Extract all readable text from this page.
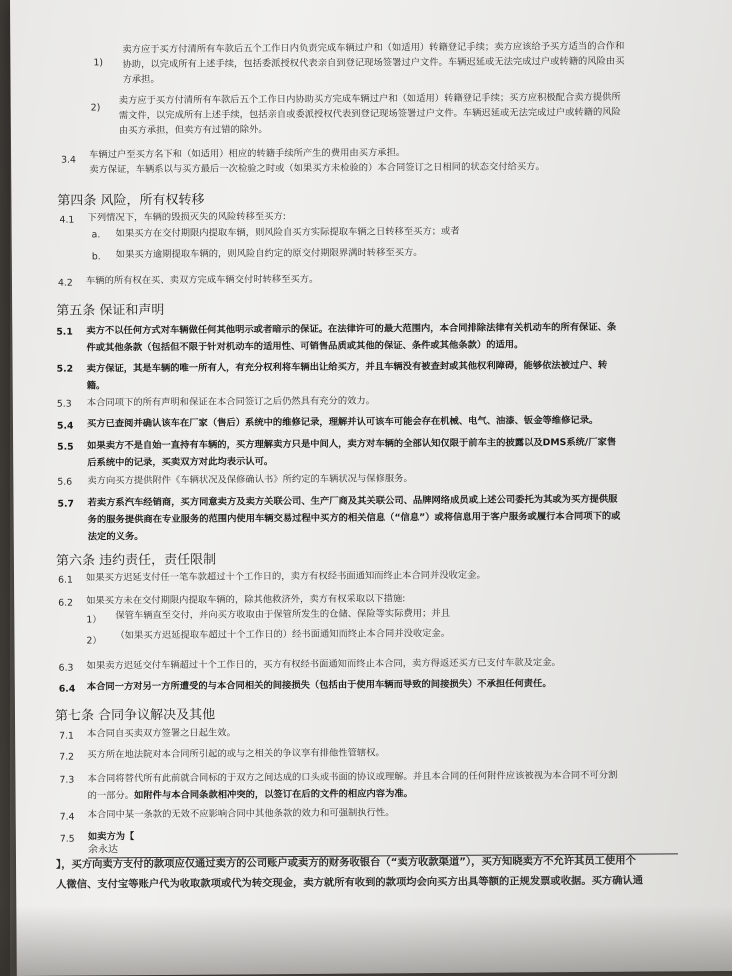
1)
卖方应于买方付清所有车款后五个工作日内负责完成车辆过户和（如适用）转籍登记手续；卖方应该给予买方适当的合作和
协助，以完成所有上述手续，包括委派授权代表亲自到登记现场签署过户文件。车辆迟延或无法完成过户或转籍的风险由买
方承担。
2)
卖方应于买方付清所有车款后五个工作日内协助买方完成车辆过户和（如适用）转籍登记手续；买方应积极配合卖方提供所
需文件，以完成所有上述手续，包括亲自或委派授权代表到登记现场签署过户文件。车辆迟延或无法完成过户或转籍的风险
由买方承担，但卖方有过错的除外。
3.4 车辆过户至买方名下和（如适用）相应的转籍手续所产生的费用由买方承担。
卖方保证，车辆系以与买方最后一次检验之时或（如果买方未检验的）本合同签订之日相同的状态交付给买方。
第四条 风险，所有权转移
4.1 下列情况下，车辆的毁损灭失的风险转移至买方:
a. 如果买方在交付期限内提取车辆，则风险自买方实际提取车辆之日转移至买方；或者
b. 如果买方逾期提取车辆的，则风险自约定的原交付期限界满时转移至买方。
4.2 车辆的所有权在买、卖双方完成车辆交付时转移至买方。
第五条 保证和声明
5.1 卖方不以任何方式对车辆做任何其他明示或者暗示的保证。在法律许可的最大范围内，本合同排除法律有关机动车的所有保证、条
件或其他条款（包括但不限于针对机动车的适用性、可销售品质或其他的保证、条件或其他条款）的适用。
5.2 卖方保证，其是车辆的唯一所有人，有充分权利将车辆出让给买方，并且车辆没有被查封或其他权利障碍，能够依法被过户、转
籍。
5.3 本合同项下的所有声明和保证在本合同签订之后仍然具有充分的效力。
5.4 买方已查阅并确认该车在厂家（售后）系统中的维修记录，理解并认可该车可能会存在机械、电气、油漆、钣金等维修记录。
5.5 如果卖方不是自始一直持有车辆的，买方理解卖方只是中间人，卖方对车辆的全部认知仅限于前车主的披露以及DMS系统/厂家售
后系统中的记录，买卖双方对此均表示认可。
5.6 卖方向买方提供附件《车辆状况及保修确认书》所约定的车辆状况与保修服务。
5.7 若卖方系汽车经销商，买方同意卖方及卖方关联公司、生产厂商及其关联公司、品牌网络成员或上述公司委托为其或为买方提供服
务的服务提供商在专业服务的范围内使用车辆交易过程中买方的相关信息（“信息”）或将信息用于客户服务或履行本合同项下的或
法定的义务。
第六条 违约责任，责任限制
6.1 如果买方迟延支付任一笔车款超过十个工作日的，卖方有权经书面通知而终止本合同并没收定金。
6.2 如果买方未在交付期限内提取车辆的，除其他救济外，卖方有权采取以下措施:
1） 保管车辆直至交付，并向买方收取由于保管所发生的仓储、保险等实际费用；并且
2） （如果买方迟延提取车超过十个工作日的）经书面通知而终止本合同并没收定金。
6.3 如果卖方迟延交付车辆超过十个工作日的，买方有权经书面通知而终止本合同，卖方得返还买方已支付车款及定金。
6.4 本合同一方对另一方所遭受的与本合同相关的间接损失（包括由于使用车辆而导致的间接损失）不承担任何责任。
第七条 合同争议解决及其他
7.1 本合同自买卖双方签署之日起生效。
7.2 买方所在地法院对本合同所引起的或与之相关的争议享有排他性管辖权。
7.3 本合同将替代所有此前就合同标的于双方之间达成的口头或书面的协议或理解。并且本合同的任何附件应该被视为本合同不可分割
的一部分。如附件与本合同条款相冲突的，以签订在后的文件的相应内容为准。
7.4 本合同中某一条款的无效不应影响合同中其他条款的效力和可强制执行性。
7.5 如卖方为【
余永达
】，买方向卖方支付的款项应仅通过卖方的公司账户或卖方的财务收银台（“卖方收款渠道”），买方知晓卖方不允许其员工使用个
人微信、支付宝等账户代为收取款项或代为转交现金，卖方就所有收到的款项均会向买方出具等额的正规发票或收据。买方确认通
